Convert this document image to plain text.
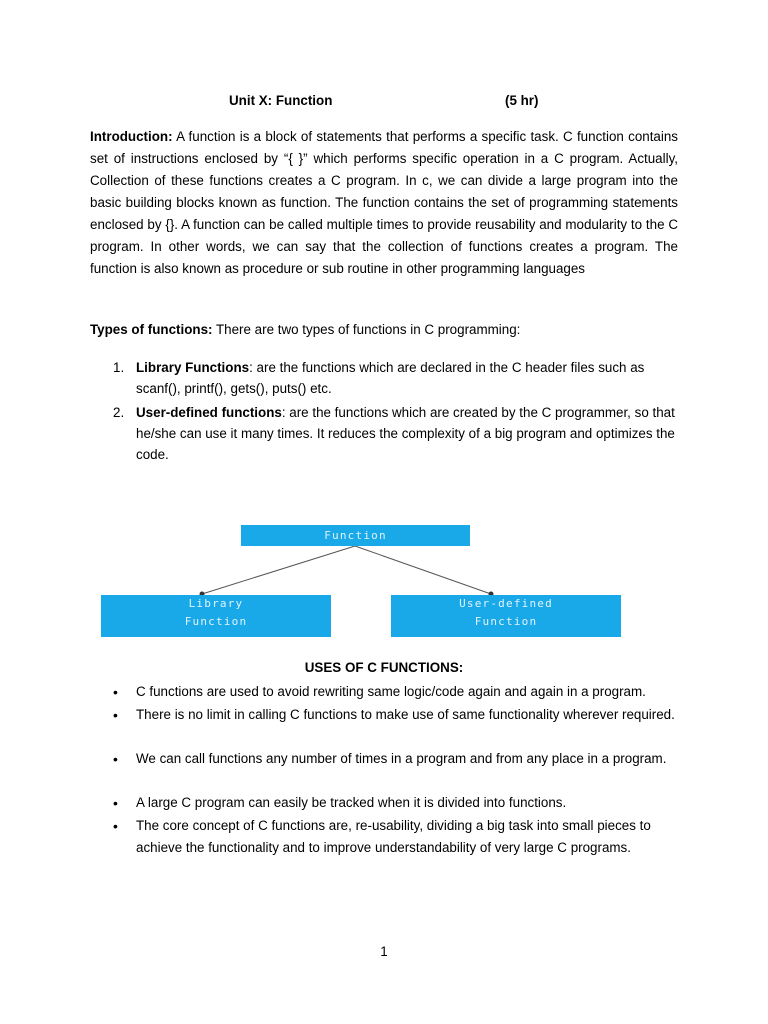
Unit X: Function	(5 hr)

Introduction: A function is a block of statements that performs a specific task. C function contains set of instructions enclosed by “{ }” which performs specific operation in a C program. Actually, Collection of these functions creates a C program. In c, we can divide a large program into the basic building blocks known as function. The function contains the set of programming statements enclosed by {}. A function can be called multiple times to provide reusability and modularity to the C program. In other words, we can say that the collection of functions creates a program. The function is also known as procedure or sub routine in other programming languages

Types of functions: There are two types of functions in C programming:

1. Library Functions: are the functions which are declared in the C header files such as scanf(), printf(), gets(), puts() etc.
2. User-defined functions: are the functions which are created by the C programmer, so that he/she can use it many times. It reduces the complexity of a big program and optimizes the code.
Function
Library
Function
User-defined
Function
USES OF C FUNCTIONS:
• C functions are used to avoid rewriting same logic/code again and again in a program.
• There is no limit in calling C functions to make use of same functionality wherever required.
• We can call functions any number of times in a program and from any place in a program.
• A large C program can easily be tracked when it is divided into functions.
• The core concept of C functions are, re-usability, dividing a big task into small pieces to achieve the functionality and to improve understandability of very large C programs.
1
